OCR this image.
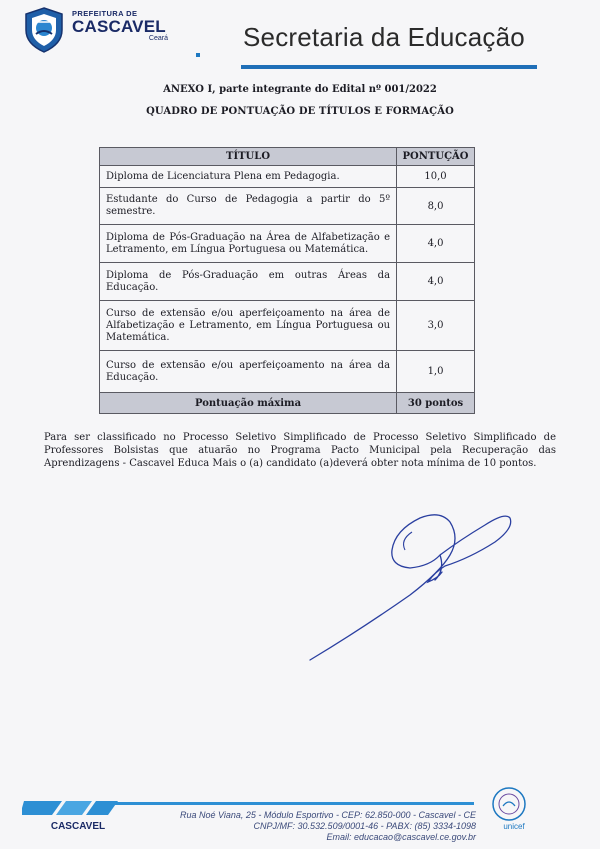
PREFEITURA DE
CASCAVEL
Ceará	Secretaria da Educação
ANEXO I, parte integrante do Edital nº 001/2022
QUADRO DE PONTUAÇÃO DE TÍTULOS E FORMAÇÃO
TÍTULO	PONTUÇÃO
Diploma de Licenciatura Plena em Pedagogia.	10,0
Estudante do Curso de Pedagogia a partir do 5º semestre.	8,0
Diploma de Pós-Graduação na Área de Alfabetização e Letramento, em Língua Portuguesa ou Matemática.	4,0
Diploma de Pós-Graduação em outras Áreas da Educação.	4,0
Curso de extensão e/ou aperfeiçoamento na área de Alfabetização e Letramento, em Língua Portuguesa ou Matemática.	3,0
Curso de extensão e/ou aperfeiçoamento na área da Educação.	1,0
Pontuação máxima	30 pontos
Para ser classificado no Processo Seletivo Simplificado de Processo Seletivo Simplificado de Professores Bolsistas que atuarão no Programa Pacto Municipal pela Recuperação das Aprendizagens - Cascavel Educa Mais o (a) candidato (a)deverá obter nota mínima de 10 pontos.
CASCAVEL
Rua Noé Viana, 25 - Módulo Esportivo - CEP: 62.850-000 - Cascavel - CE
CNPJ/MF: 30.532.509/0001-46 - PABX: (85) 3334-1098
Email: educacao@cascavel.ce.gov.br
unicef
